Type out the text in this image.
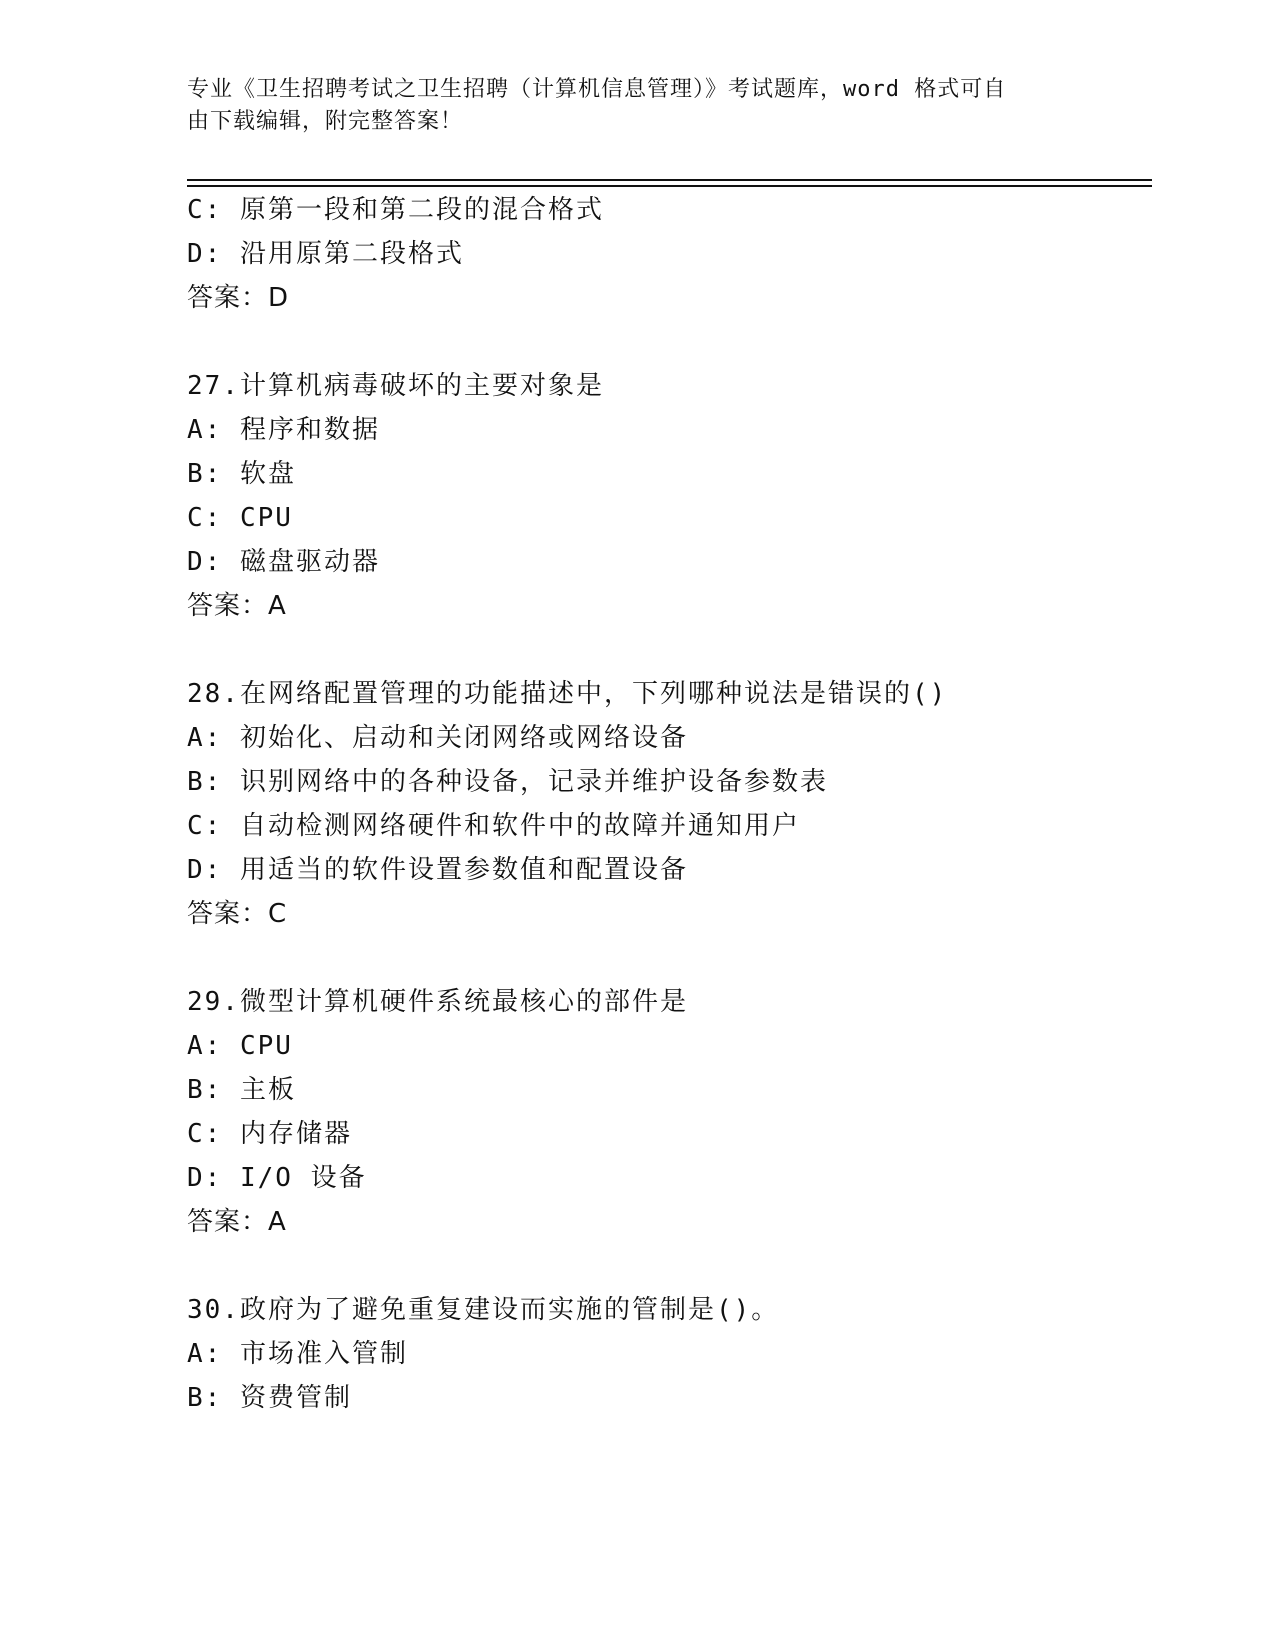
专业《卫生招聘考试之卫生招聘（计算机信息管理）》考试题库，word 格式可自
由下载编辑，附完整答案！
C: 原第一段和第二段的混合格式
D: 沿用原第二段格式
答案：D
27.计算机病毒破坏的主要对象是
A: 程序和数据
B: 软盘
C: CPU
D: 磁盘驱动器
答案：A
28.在网络配置管理的功能描述中，下列哪种说法是错误的()
A: 初始化、启动和关闭网络或网络设备
B: 识别网络中的各种设备，记录并维护设备参数表
C: 自动检测网络硬件和软件中的故障并通知用户
D: 用适当的软件设置参数值和配置设备
答案：C
29.微型计算机硬件系统最核心的部件是
A: CPU
B: 主板
C: 内存储器
D: I/O 设备
答案：A
30.政府为了避免重复建设而实施的管制是()。
A: 市场准入管制
B: 资费管制
